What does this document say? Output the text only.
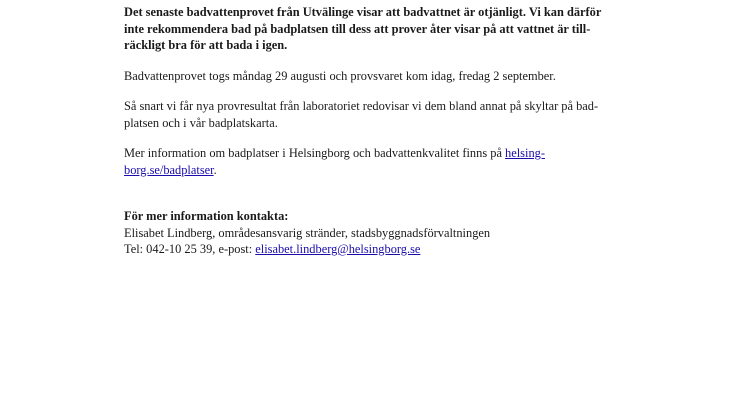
Det senaste badvattenprovet från Utvälinge visar att badvattnet är otjänligt. Vi kan därför
inte rekommendera bad på badplatsen till dess att prover åter visar på att vattnet är till-
räckligt bra för att bada i igen.

Badvattenprovet togs måndag 29 augusti och provsvaret kom idag, fredag 2 september.

Så snart vi får nya provresultat från laboratoriet redovisar vi dem bland annat på skyltar på bad-
platsen och i vår badplatskarta.

Mer information om badplatser i Helsingborg och badvattenkvalitet finns på helsing-
borg.se/badplatser.

För mer information kontakta:

Elisabet Lindberg, områdesansvarig stränder, stadsbyggnadsförvaltningen

Tel: 042-10 25 39, e-post: elisabet.lindberg@helsingborg.se
